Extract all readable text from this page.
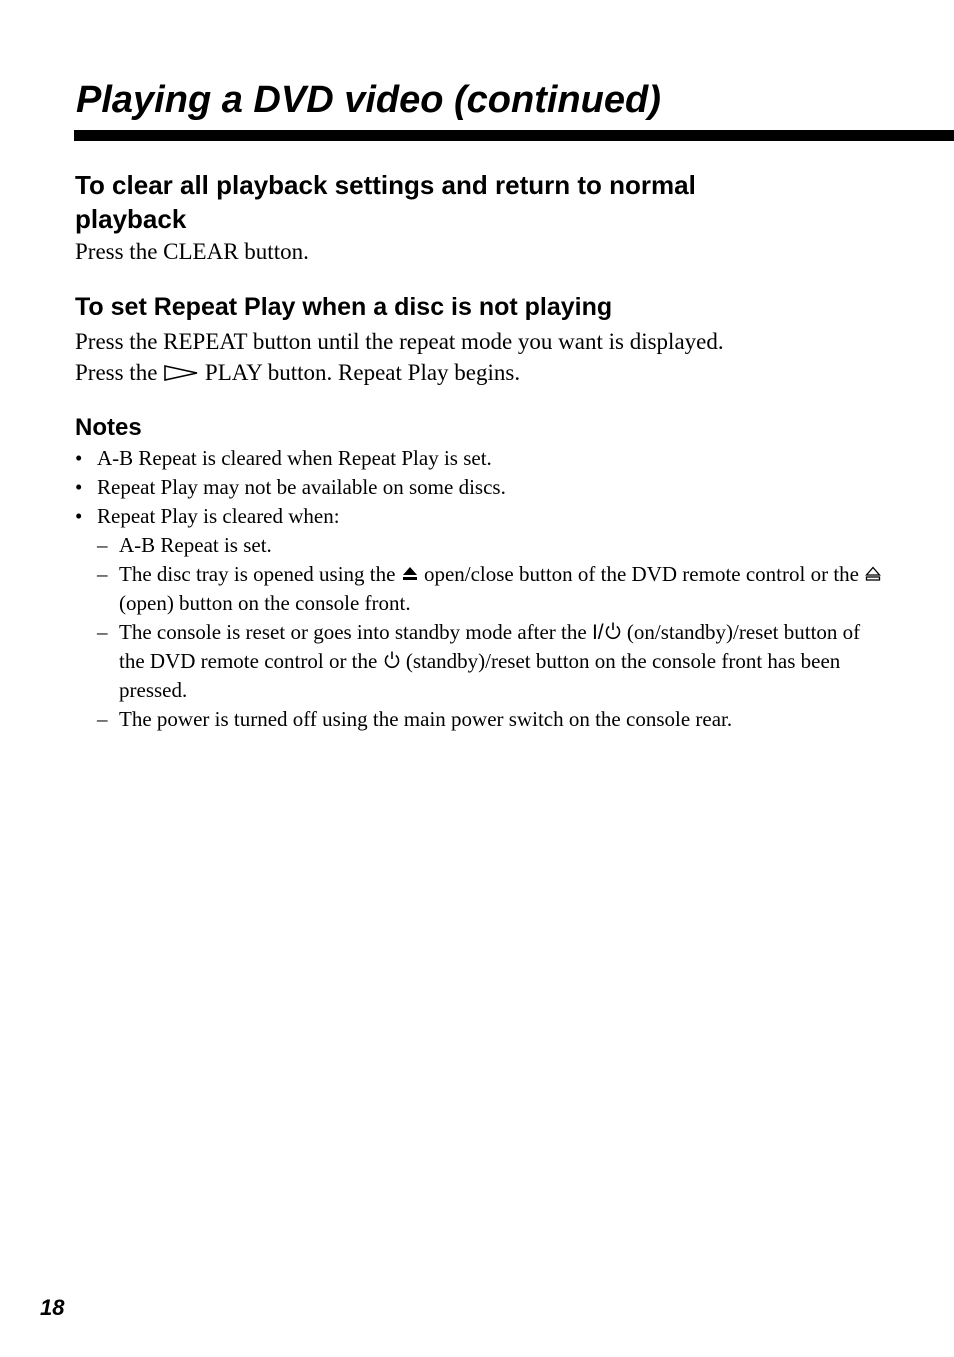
Playing a DVD video (continued)
To clear all playback settings and return to normal
playback

Press the CLEAR button.

To set Repeat Play when a disc is not playing

Press the REPEAT button until the repeat mode you want is displayed.

Press the PLAY button. Repeat Play begins.

Notes
• A-B Repeat is cleared when Repeat Play is set.
• Repeat Play may not be available on some discs.
• Repeat Play is cleared when:
– A-B Repeat is set.
– The disc tray is opened using the open/close button of the DVD remote control or the  (open) button on the console front.
– The console is reset or goes into standby mode after the I/ (on/standby)/reset button of the DVD remote control or the (standby)/reset button on the console front has been pressed.
– The power is turned off using the main power switch on the console rear.
18
